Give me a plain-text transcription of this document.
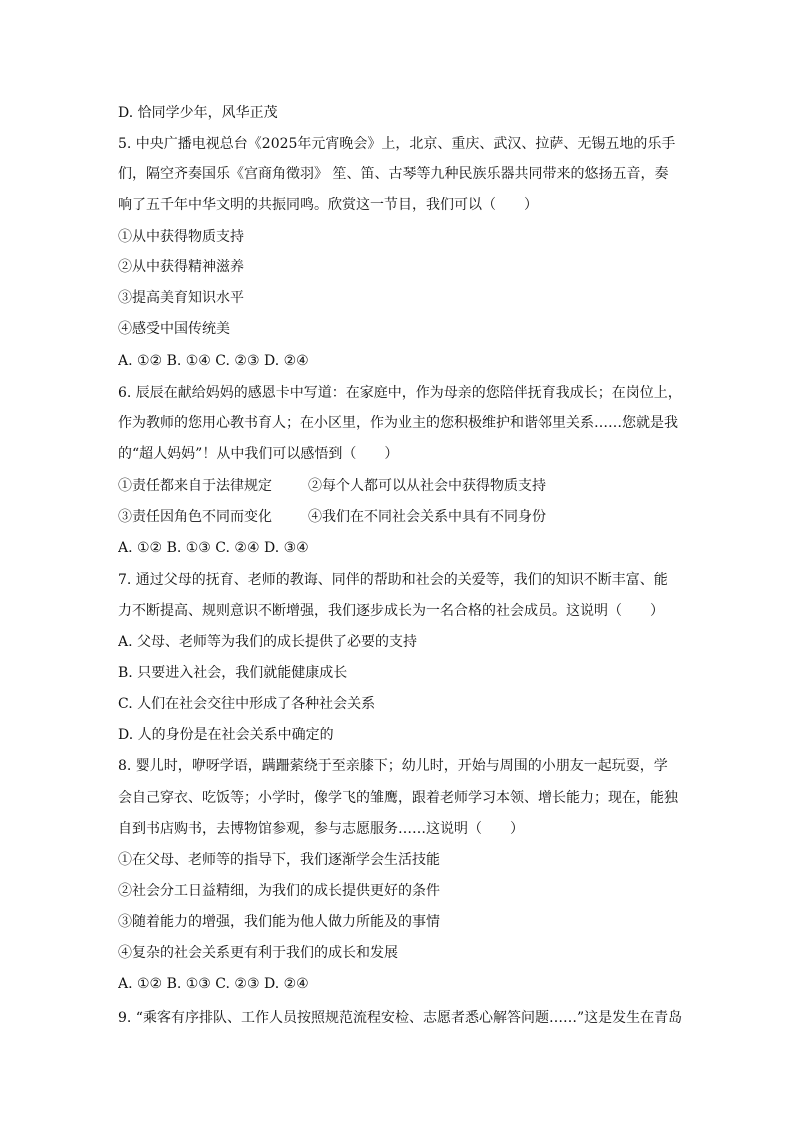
D. 恰同学少年，风华正茂
5. 中央广播电视总台《2025年元宵晚会》上，北京、重庆、武汉、拉萨、无锡五地的乐手
们，隔空齐奏国乐《宫商角徵羽》 笙、笛、古琴等九种民族乐器共同带来的悠扬五音，奏
响了五千年中华文明的共振同鸣。欣赏这一节目，我们可以（　　）
①从中获得物质支持
②从中获得精神滋养
③提高美育知识水平
④感受中国传统美
A. ①② B. ①④ C. ②③ D. ②④
6. 辰辰在献给妈妈的感恩卡中写道：在家庭中，作为母亲的您陪伴抚育我成长；在岗位上，
作为教师的您用心教书育人；在小区里，作为业主的您积极维护和谐邻里关系……您就是我
的“超人妈妈”！从中我们可以感悟到（　　）
①责任都来自于法律规定	②每个人都可以从社会中获得物质支持
③责任因角色不同而变化	④我们在不同社会关系中具有不同身份
A. ①② B. ①③ C. ②④ D. ③④
7. 通过父母的抚育、老师的教诲、同伴的帮助和社会的关爱等，我们的知识不断丰富、能
力不断提高、规则意识不断增强，我们逐步成长为一名合格的社会成员。这说明（　　）
A. 父母、老师等为我们的成长提供了必要的支持
B. 只要进入社会，我们就能健康成长
C. 人们在社会交往中形成了各种社会关系
D. 人的身份是在社会关系中确定的
8. 婴儿时，咿呀学语，蹒跚萦绕于至亲膝下；幼儿时，开始与周围的小朋友一起玩耍，学
会自己穿衣、吃饭等；小学时，像学飞的雏鹰，跟着老师学习本领、增长能力；现在，能独
自到书店购书，去博物馆参观，参与志愿服务……这说明（　　）
①在父母、老师等的指导下，我们逐渐学会生活技能
②社会分工日益精细，为我们的成长提供更好的条件
③随着能力的增强，我们能为他人做力所能及的事情
④复杂的社会关系更有利于我们的成长和发展
A. ①② B. ①③ C. ②③ D. ②④
9. “乘客有序排队、工作人员按照规范流程安检、志愿者悉心解答问题……”这是发生在青岛
